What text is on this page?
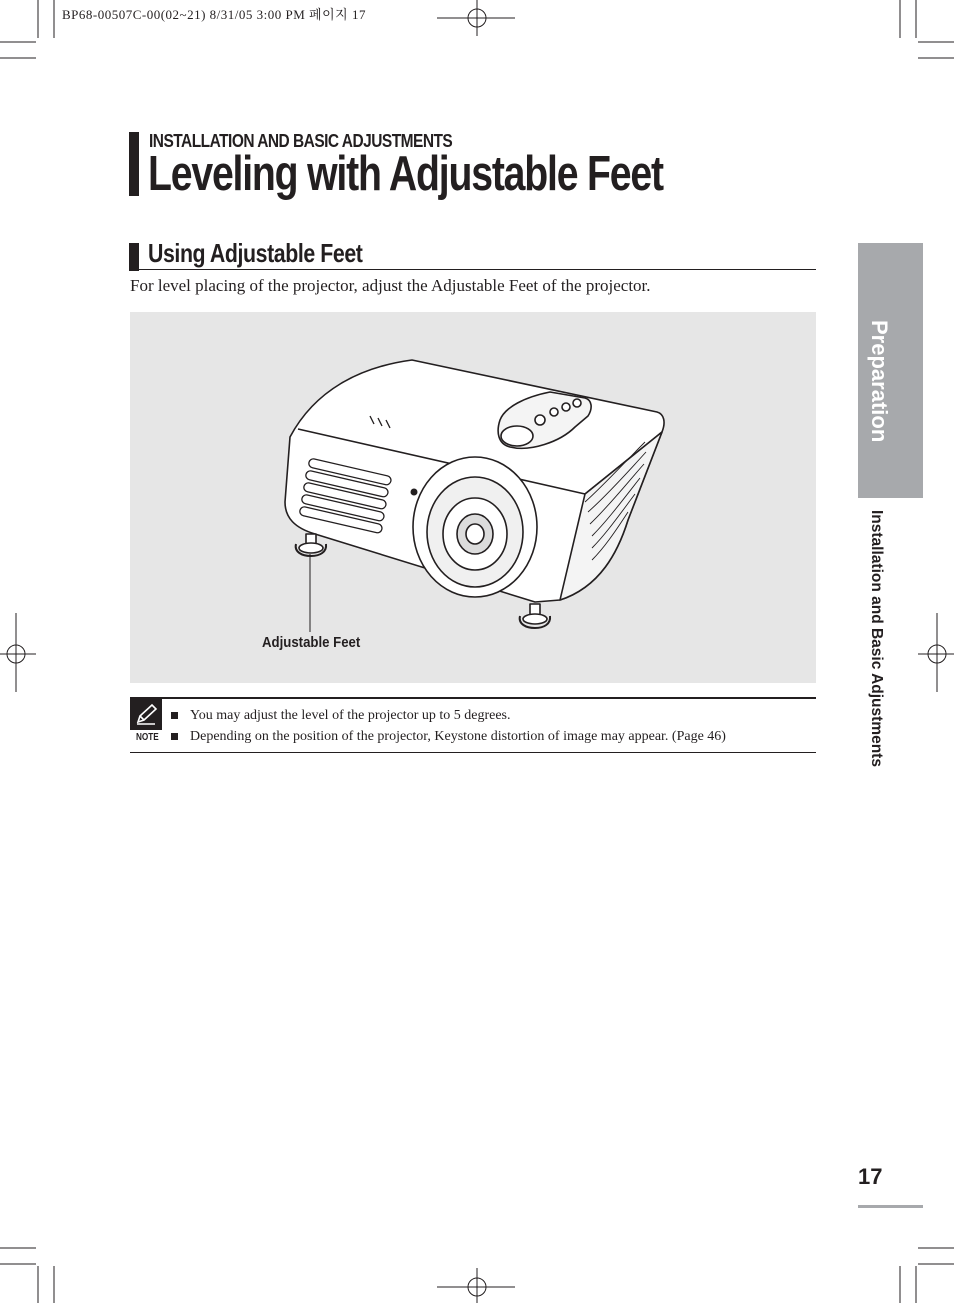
BP68-00507C-00(02~21) 8/31/05 3:00 PM 페이지 17
INSTALLATION AND BASIC ADJUSTMENTS
Leveling with Adjustable Feet
Using Adjustable Feet
For level placing of the projector, adjust the Adjustable Feet of the projector.
Adjustable Feet
NOTE
You may adjust the level of the projector up to 5 degrees.
Depending on the position of the projector, Keystone distortion of image may appear. (Page 46)
Preparation
Installation and Basic Adjustments
17
